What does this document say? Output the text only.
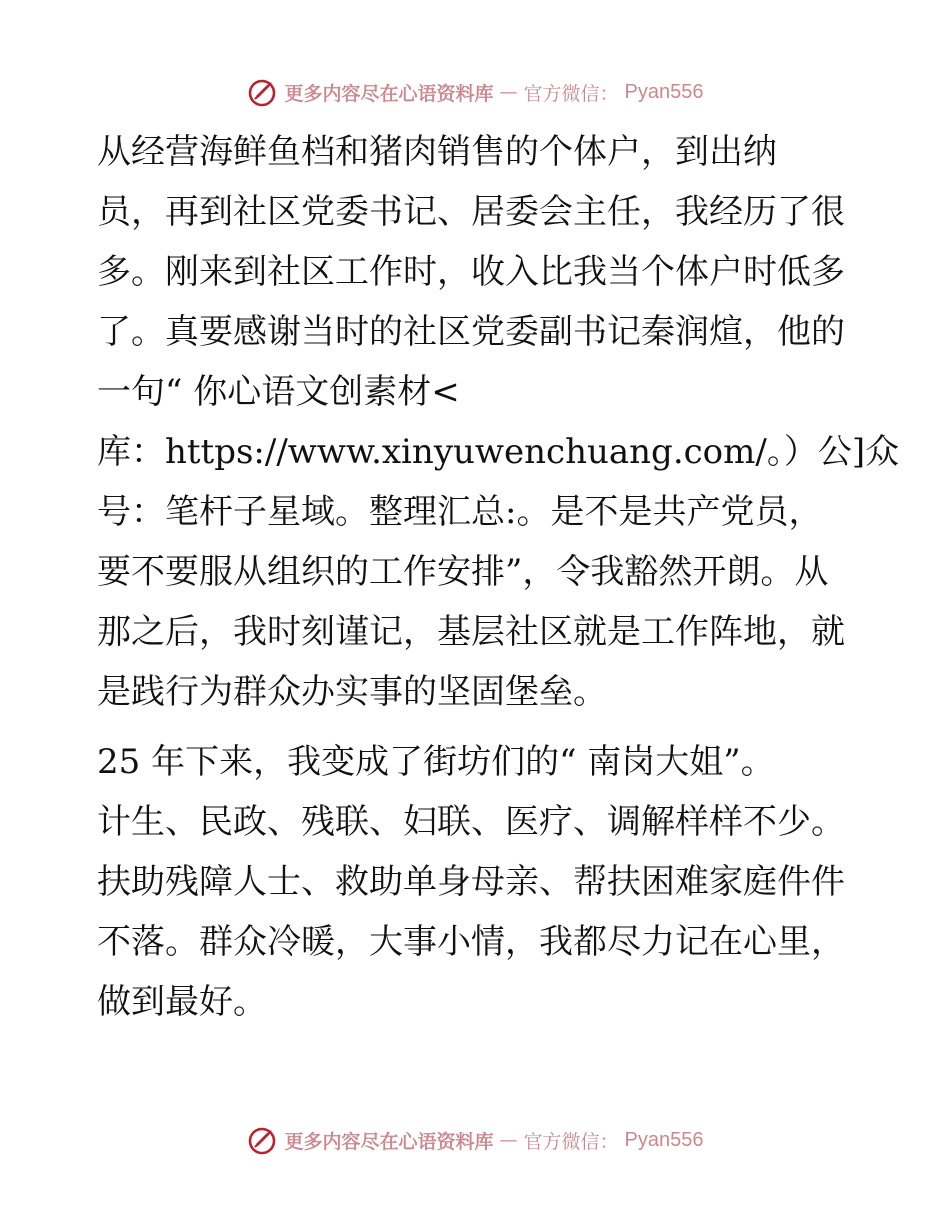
更多内容尽在心语资料库 — 官方微信： Pyan556

从经营海鲜鱼档和猪肉销售的个体户，到出纳
员，再到社区党委书记、居委会主任，我经历了很
多。刚来到社区工作时，收入比我当个体户时低多
了。真要感谢当时的社区党委副书记秦润煊，他的
一句“ 你心语文创素材<
库：https://www.xinyuwenchuang.com/。）公]众
号：笔杆子星域。整理汇总:。是不是共产党员，
要不要服从组织的工作安排”，令我豁然开朗。从
那之后，我时刻谨记，基层社区就是工作阵地，就
是践行为群众办实事的坚固堡垒。

25 年下来，我变成了街坊们的“ 南岗大姐”。
计生、民政、残联、妇联、医疗、调解样样不少。
扶助残障人士、救助单身母亲、帮扶困难家庭件件
不落。群众冷暖，大事小情，我都尽力记在心里，
做到最好。

更多内容尽在心语资料库 — 官方微信： Pyan556
